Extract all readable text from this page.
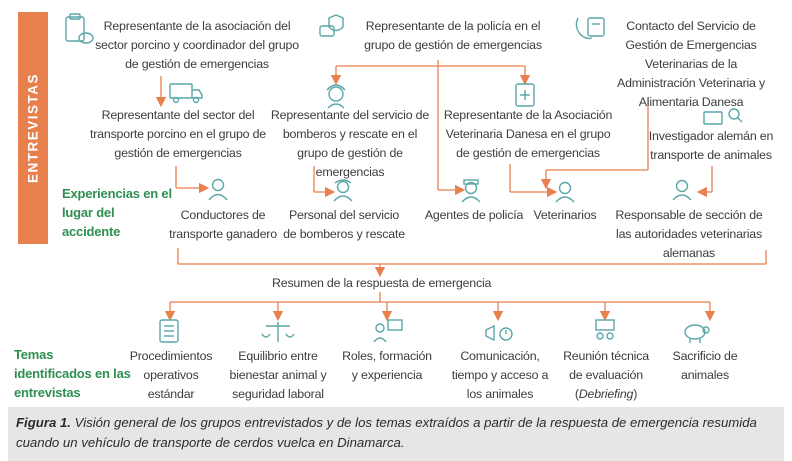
ENTREVISTAS
Representante de la asociación del sector porcino y coordinador del grupo de gestión de emergencias
Representante de la policía en el grupo de gestión de emergencias
Contacto del Servicio de Gestión de Emergencias Veterinarias de la Administración Veterinaria y Alimentaria Danesa
Representante del sector del transporte porcino en el grupo de gestión de emergencias
Representante del servicio de bomberos y rescate en el grupo de gestión de emergencias
Representante de la Asociación Veterinaria Danesa en el grupo de gestión de emergencias
Investigador alemán en transporte de animales
Experiencias en el lugar del accidente
Conductores de transporte ganadero
Personal del servicio de bomberos y rescate
Agentes de policía Veterinarios	Responsable de sección de las autoridades veterinarias alemanas
Resumen de la respuesta de emergencia
Temas identificados en las entrevistas
Procedimientos operativos estándar
Equilibrio entre bienestar animal y seguridad laboral
Roles, formación y experiencia
Comunicación, tiempo y acceso a los animales
Reunión técnica de evaluación (Debriefing)
Sacrificio de animales
Figura 1. Visión general de los grupos entrevistados y de los temas extraídos a partir de la respuesta de emergencia resumida cuando un vehículo de transporte de cerdos vuelca en Dinamarca.
